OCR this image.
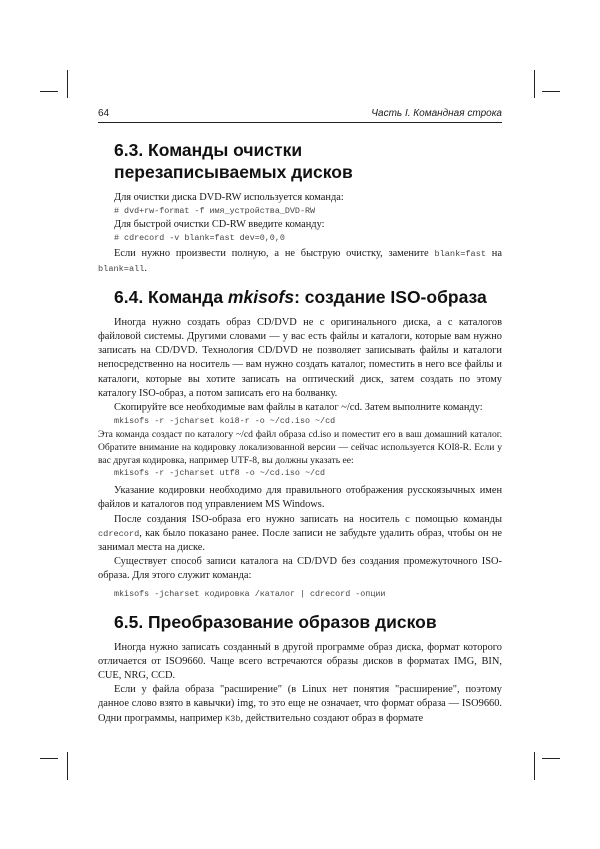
64	Часть I. Командная строка
6.3. Команды очистки
перезаписываемых дисков

Для очистки диска DVD-RW используется команда:

# dvd+rw-format -f имя_устройства_DVD-RW

Для быстрой очистки CD-RW введите команду:

# cdrecord -v blank=fast dev=0,0,0

Если нужно произвести полную, а не быструю очистку, замените blank=fast на blank=all.

6.4. Команда mkisofs: создание ISO-образа

Иногда нужно создать образ CD/DVD не с оригинального диска, а с каталогов файловой системы. Другими словами — у вас есть файлы и каталоги, которые вам нужно записать на CD/DVD. Технология CD/DVD не позволяет записывать файлы и каталоги непосредственно на носитель — вам нужно создать каталог, поместить в него все файлы и каталоги, которые вы хотите записать на оптический диск, затем создать по этому каталогу ISO-образ, а потом записать его на болванку.

Скопируйте все необходимые вам файлы в каталог ~/cd. Затем выполните команду:

mkisofs -r -jcharset koi8-r -o ~/cd.iso ~/cd

Эта команда создаст по каталогу ~/cd файл образа cd.iso и поместит его в ваш домашний каталог. Обратите внимание на кодировку локализованной версии — сейчас используется KOI8-R. Если у вас другая кодировка, например UTF-8, вы должны указать ее:

mkisofs -r -jcharset utf8 -o ~/cd.iso ~/cd

Указание кодировки необходимо для правильного отображения русскоязычных имен файлов и каталогов под управлением MS Windows.

После создания ISO-образа его нужно записать на носитель с помощью команды cdrecord, как было показано ранее. После записи не забудьте удалить образ, чтобы он не занимал места на диске.

Существует способ записи каталога на CD/DVD без создания промежуточного ISO-образа. Для этого служит команда:

mkisofs -jcharset кодировка /каталог | cdrecord -опции
6.5. Преобразование образов дисков

Иногда нужно записать созданный в другой программе образ диска, формат которого отличается от ISO9660. Чаще всего встречаются образы дисков в форматах IMG, BIN, CUE, NRG, CCD.

Если у файла образа "расширение" (в Linux нет понятия "расширение", поэтому данное слово взято в кавычки) img, то это еще не означает, что формат образа — ISO9660. Одни программы, например K3b, действительно создают образ в формате
